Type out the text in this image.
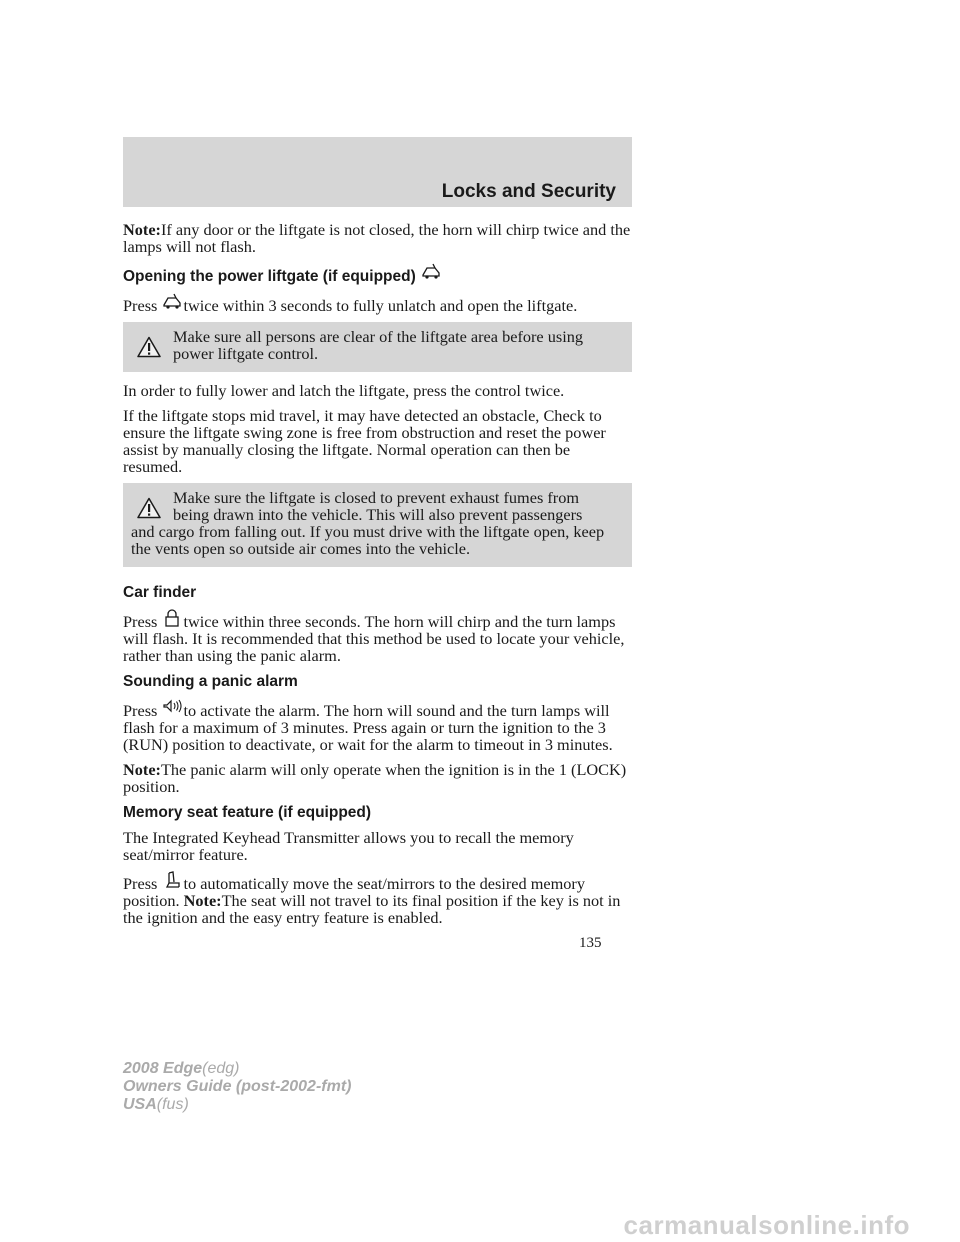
Locks and Security

Note:If any door or the liftgate is not closed, the horn will chirp twice and the lamps will not flash.

Opening the power liftgate (if equipped)

Press twice within 3 seconds to fully unlatch and open the liftgate.

Make sure all persons are clear of the liftgate area before using
power liftgate control.

In order to fully lower and latch the liftgate, press the control twice.

If the liftgate stops mid travel, it may have detected an obstacle, Check to ensure the liftgate swing zone is free from obstruction and reset the power assist by manually closing the liftgate. Normal operation can then be resumed.

Make sure the liftgate is closed to prevent exhaust fumes from
being drawn into the vehicle. This will also prevent passengers
and cargo from falling out. If you must drive with the liftgate open, keep the vents open so outside air comes into the vehicle.
Car finder

Press twice within three seconds. The horn will chirp and the turn lamps will flash. It is recommended that this method be used to locate your vehicle, rather than using the panic alarm.

Sounding a panic alarm

Press to activate the alarm. The horn will sound and the turn lamps will flash for a maximum of 3 minutes. Press again or turn the ignition to the 3 (RUN) position to deactivate, or wait for the alarm to timeout in 3 minutes.

Note:The panic alarm will only operate when the ignition is in the 1 (LOCK) position.

Memory seat feature (if equipped)

The Integrated Keyhead Transmitter allows you to recall the memory seat/mirror feature.

Press to automatically move the seat/mirrors to the desired memory position. Note:The seat will not travel to its final position if the key is not in the ignition and the easy entry feature is enabled.

135
2008 Edge(edg)
Owners Guide (post-2002-fmt)
USA(fus)
carmanualsonline.info
